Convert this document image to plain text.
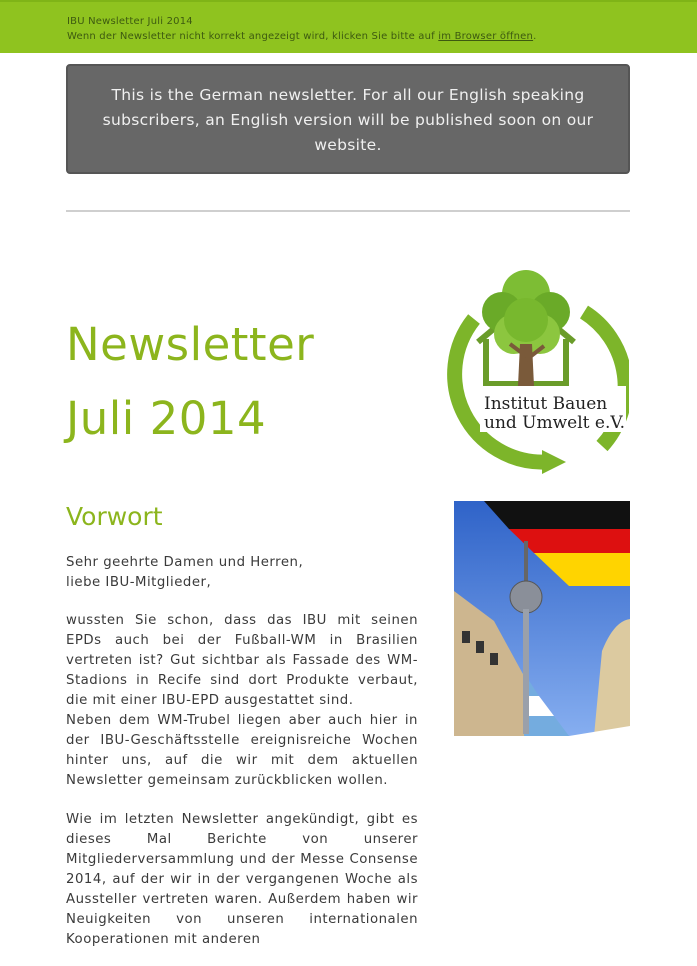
IBU Newsletter Juli 2014
Wenn der Newsletter nicht korrekt angezeigt wird, klicken Sie bitte auf im Browser öffnen.
This is the German newsletter. For all our English speaking subscribers, an English version will be published soon on our website.
Newsletter
Juli 2014	Institut Bauen
und Umwelt e.V.
Vorwort
Sehr geehrte Damen und Herren,
liebe IBU-Mitglieder,

wussten Sie schon, dass das IBU mit seinen EPDs auch bei der Fußball-WM in Brasilien vertreten ist? Gut sichtbar als Fassade des WM-Stadions in Recife sind dort Produkte verbaut, die mit einer IBU-EPD ausgestattet sind.

Neben dem WM-Trubel liegen aber auch hier in der IBU-Geschäftsstelle ereignisreiche Wochen hinter uns, auf die wir mit dem aktuellen Newsletter gemeinsam zurückblicken wollen.

Wie im letzten Newsletter angekündigt, gibt es dieses Mal Berichte von unserer Mitgliederversammlung und der Messe Consense 2014, auf der wir in der vergangenen Woche als Aussteller vertreten waren. Außerdem haben wir Neuigkeiten von unseren internationalen Kooperationen mit anderen
